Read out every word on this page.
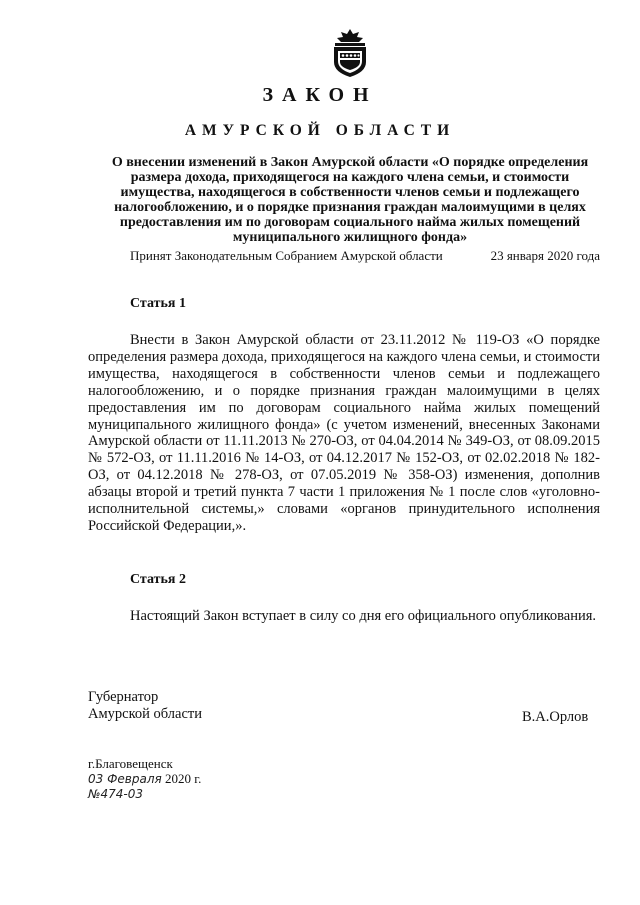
ЗАКОН
АМУРСКОЙ ОБЛАСТИ
О внесении изменений в Закон Амурской области «О порядке определения размера дохода, приходящегося на каждого члена семьи, и стоимости имущества, находящегося в собственности членов семьи и подлежащего налогообложению, и о порядке признания граждан малоимущими в целях предоставления им по договорам социального найма жилых помещений муниципального жилищного фонда»
Принят Законодательным Собранием Амурской области	23 января 2020 года
Статья 1

Внести в Закон Амурской области от 23.11.2012 № 119-ОЗ «О порядке определения размера дохода, приходящегося на каждого члена семьи, и стоимости имущества, находящегося в собственности членов семьи и подлежащего налогообложению, и о порядке признания граждан малоимущими в целях предоставления им по договорам социального найма жилых помещений муниципального жилищного фонда» (с учетом изменений, внесенных Законами Амурской области от 11.11.2013 № 270-ОЗ, от 04.04.2014 № 349-ОЗ, от 08.09.2015 № 572-ОЗ, от 11.11.2016 № 14-ОЗ, от 04.12.2017 № 152-ОЗ, от 02.02.2018 № 182-ОЗ, от 04.12.2018 № 278-ОЗ, от 07.05.2019 № 358-ОЗ) изменения, дополнив абзацы второй и третий пункта 7 части 1 приложения № 1 после слов «уголовно-исполнительной системы,» словами «органов принудительного исполнения Российской Федерации,».

Статья 2

Настоящий Закон вступает в силу со дня его официального опубликования.

Губернатор
Амурской области	В.А.Орлов
г.Благовещенск
03 Февраля 2020 г.
№474-03
